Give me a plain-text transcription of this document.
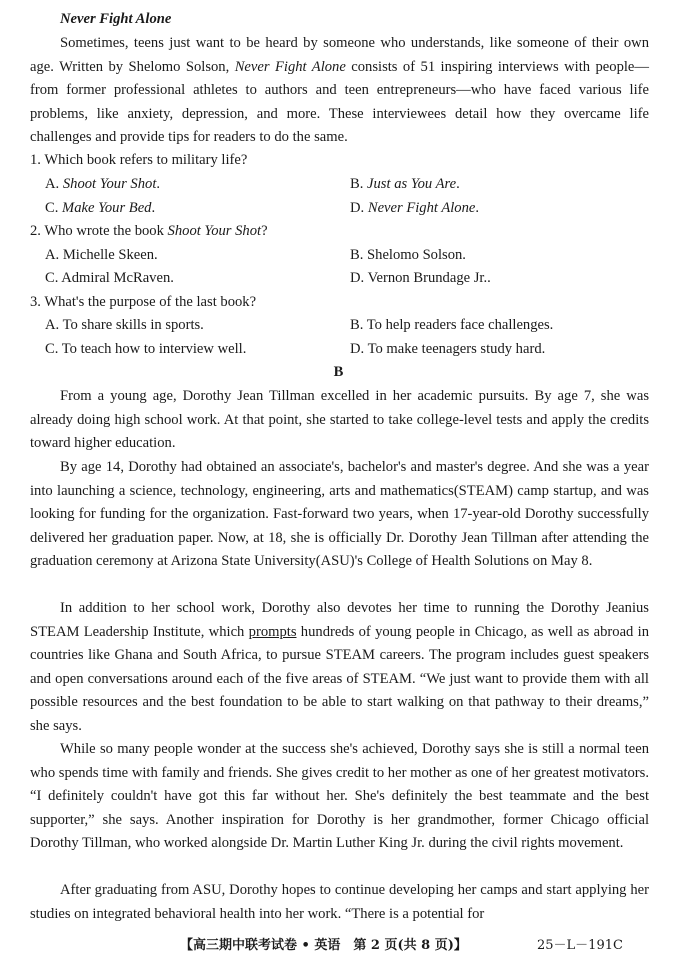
Never Fight Alone

Sometimes, teens just want to be heard by someone who understands, like someone of their own age. Written by Shelomo Solson, Never Fight Alone consists of 51 inspiring interviews with people—from former professional athletes to authors and teen entrepreneurs—who have faced various life problems, like anxiety, depression, and more. These interviewees detail how they overcame life challenges and provide tips for readers to do the same.

1. Which book refers to military life?
A. Shoot Your Shot.	B. Just as You Are.
C. Make Your Bed.	D. Never Fight Alone.
2. Who wrote the book Shoot Your Shot?
A. Michelle Skeen.	B. Shelomo Solson.
C. Admiral McRaven.	D. Vernon Brundage Jr..
3. What's the purpose of the last book?
A. To share skills in sports.	B. To help readers face challenges.
C. To teach how to interview well.	D. To make teenagers study hard.
B

From a young age, Dorothy Jean Tillman excelled in her academic pursuits. By age 7, she was already doing high school work. At that point, she started to take college-level tests and apply the credits toward higher education.

By age 14, Dorothy had obtained an associate's, bachelor's and master's degree. And she was a year into launching a science, technology, engineering, arts and mathematics(STEAM) camp startup, and was looking for funding for the organization. Fast-forward two years, when 17-year-old Dorothy successfully delivered her graduation paper. Now, at 18, she is officially Dr. Dorothy Jean Tillman after attending the graduation ceremony at Arizona State University(ASU)'s College of Health Solutions on May 8.

In addition to her school work, Dorothy also devotes her time to running the Dorothy Jeanius STEAM Leadership Institute, which prompts hundreds of young people in Chicago, as well as abroad in countries like Ghana and South Africa, to pursue STEAM careers. The program includes guest speakers and open conversations around each of the five areas of STEAM. “We just want to provide them with all possible resources and the best foundation to be able to start walking on that pathway to their dreams,” she says.

While so many people wonder at the success she's achieved, Dorothy says she is still a normal teen who spends time with family and friends. She gives credit to her mother as one of her greatest motivators. “I definitely couldn't have got this far without her. She's definitely the best teammate and the best supporter,” she says. Another inspiration for Dorothy is her grandmother, former Chicago official Dorothy Tillman, who worked alongside Dr. Martin Luther King Jr. during the civil rights movement.

After graduating from ASU, Dorothy hopes to continue developing her camps and start applying her studies on integrated behavioral health into her work. “There is a potential for

【高三期中联考试卷 • 英语　第 2 页(共 8 页)】	25－L－191C
